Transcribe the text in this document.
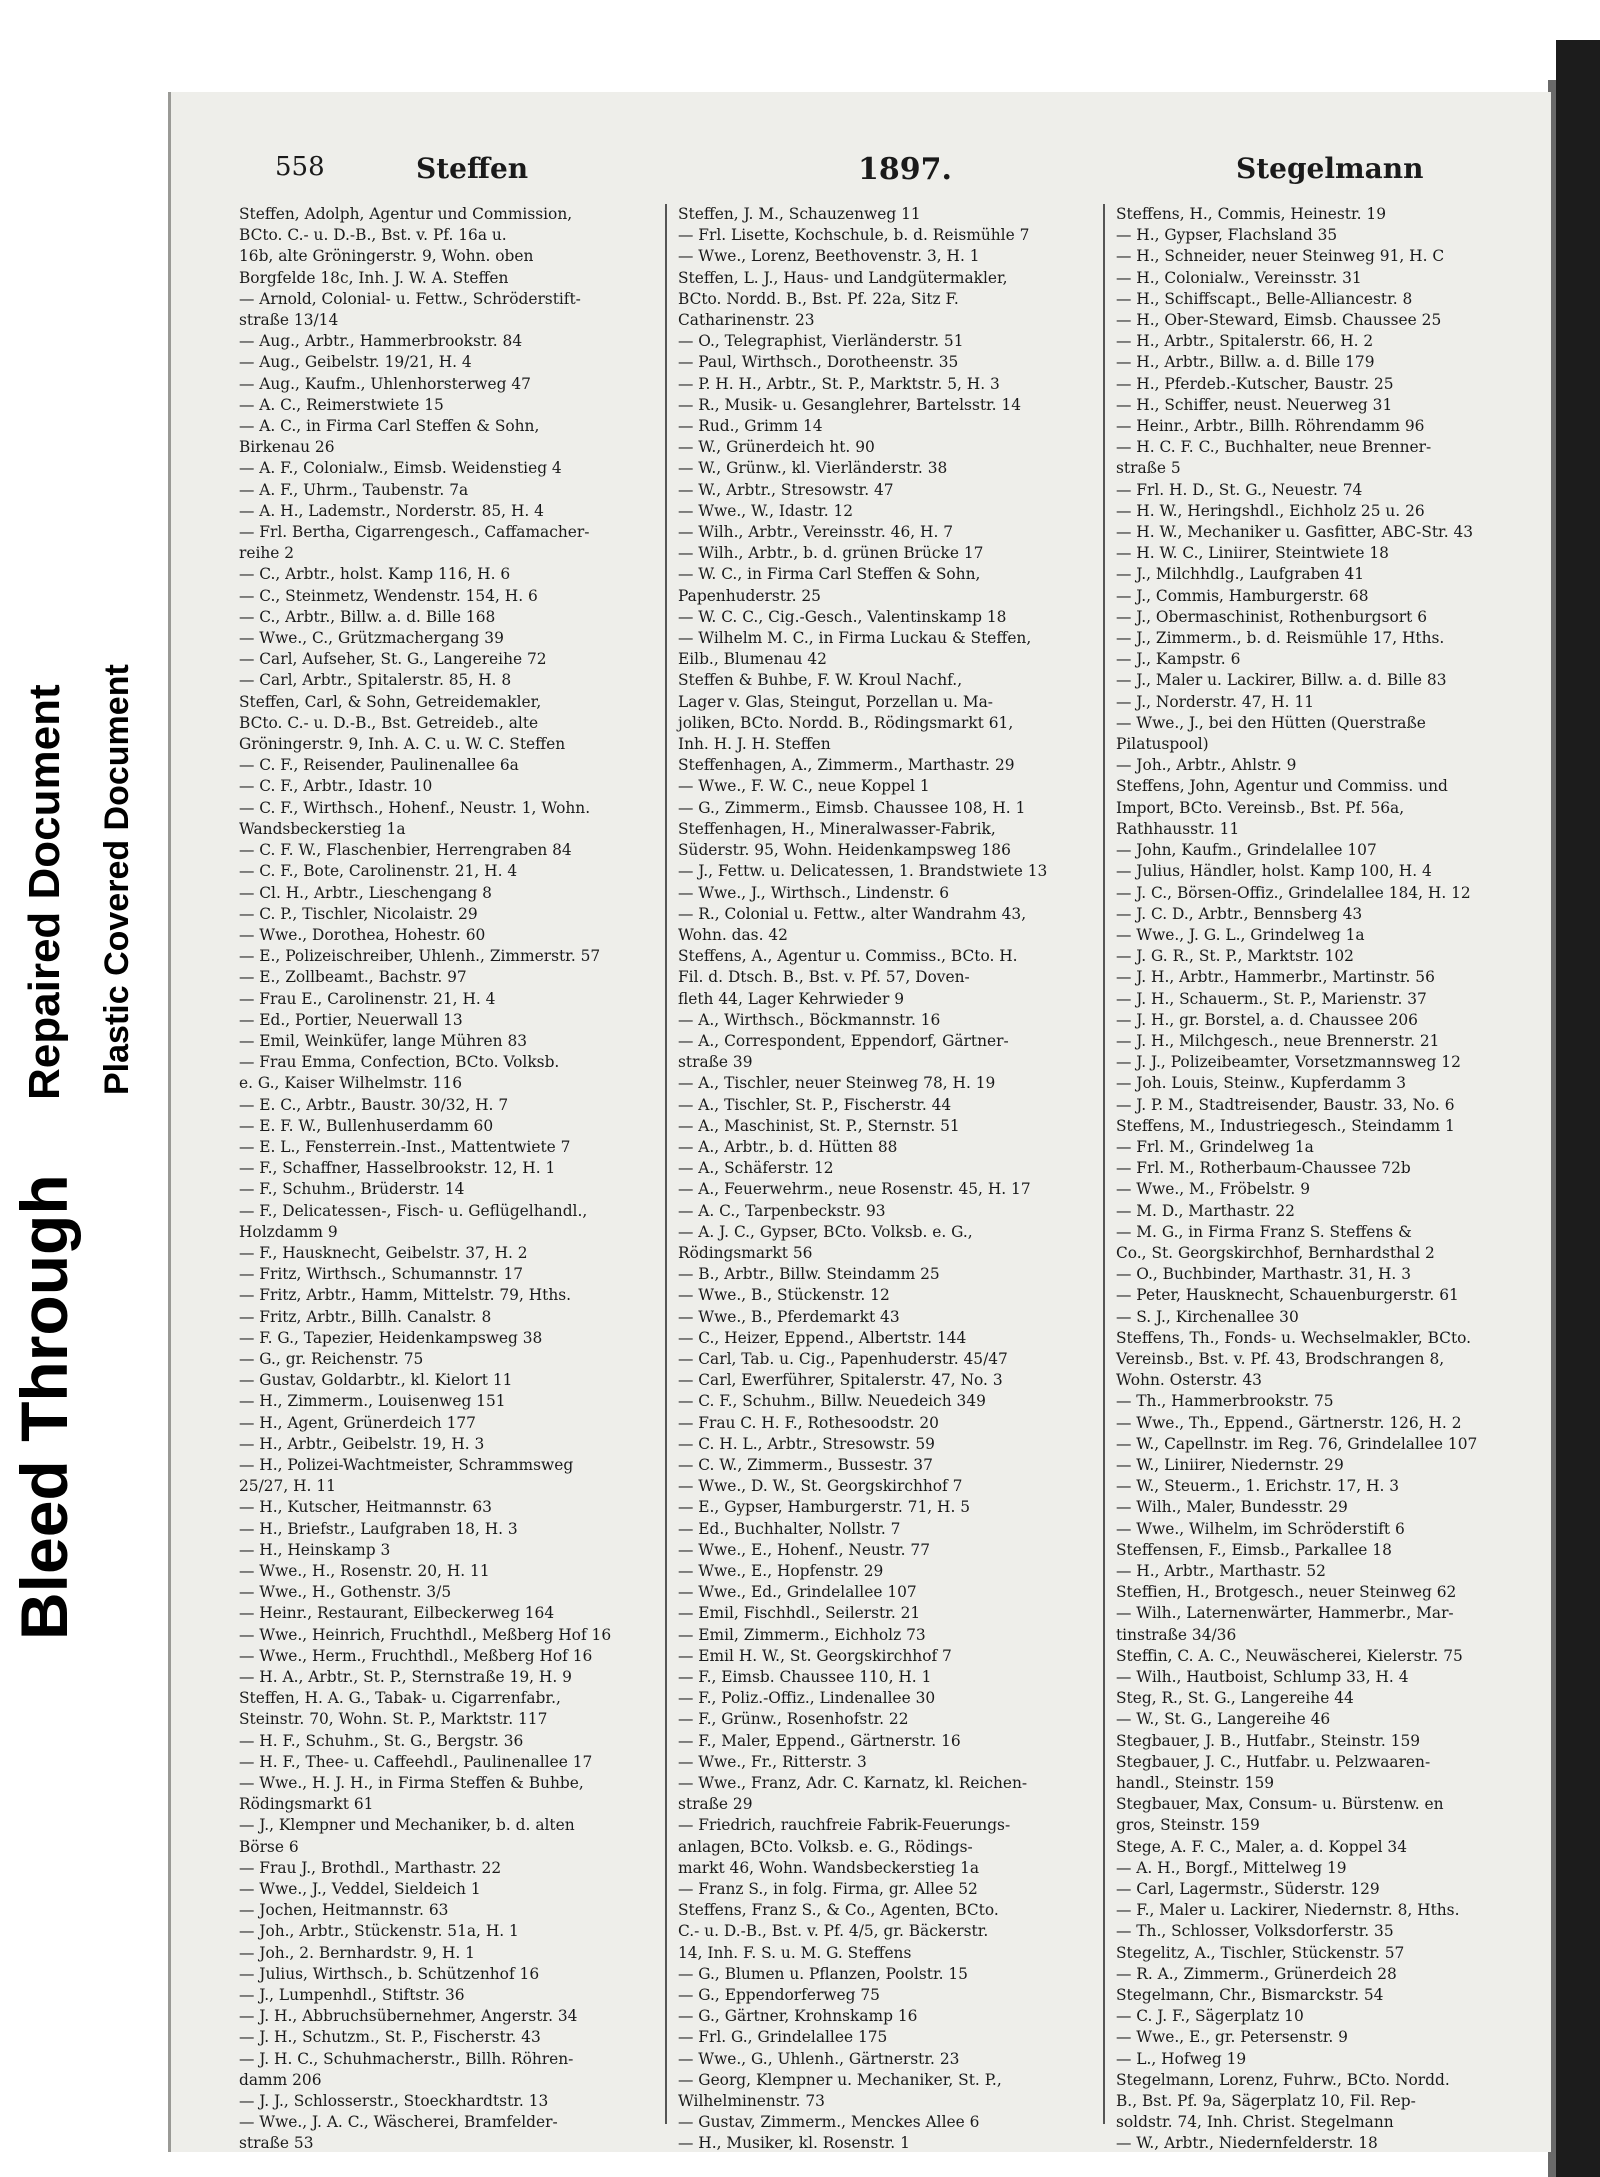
Bleed Through
Repaired Document Plastic Covered Document
558	Steffen	1897.	Stegelmann

Steffen, Adolph, Agentur und Commission,

BCto. C.- u. D.-B., Bst. v. Pf. 16a u.

16b, alte Gröningerstr. 9, Wohn. oben

Borgfelde 18c, Inh. J. W. A. Steffen

— Arnold, Colonial- u. Fettw., Schröderstift-

straße 13/14

— Aug., Arbtr., Hammerbrookstr. 84

— Aug., Geibelstr. 19/21, H. 4

— Aug., Kaufm., Uhlenhorsterweg 47

— A. C., Reimerstwiete 15

— A. C., in Firma Carl Steffen & Sohn,

Birkenau 26

— A. F., Colonialw., Eimsb. Weidenstieg 4

— A. F., Uhrm., Taubenstr. 7a

— A. H., Lademstr., Norderstr. 85, H. 4

— Frl. Bertha, Cigarrengesch., Caffamacher-

reihe 2

— C., Arbtr., holst. Kamp 116, H. 6

— C., Steinmetz, Wendenstr. 154, H. 6

— C., Arbtr., Billw. a. d. Bille 168

— Wwe., C., Grützmachergang 39

— Carl, Aufseher, St. G., Langereihe 72

— Carl, Arbtr., Spitalerstr. 85, H. 8

Steffen, Carl, & Sohn, Getreidemakler,

BCto. C.- u. D.-B., Bst. Getreideb., alte

Gröningerstr. 9, Inh. A. C. u. W. C. Steffen

— C. F., Reisender, Paulinenallee 6a

— C. F., Arbtr., Idastr. 10

— C. F., Wirthsch., Hohenf., Neustr. 1, Wohn.

Wandsbeckerstieg 1a

— C. F. W., Flaschenbier, Herrengraben 84

— C. F., Bote, Carolinenstr. 21, H. 4

— Cl. H., Arbtr., Lieschengang 8

— C. P., Tischler, Nicolaistr. 29

— Wwe., Dorothea, Hohestr. 60

— E., Polizeischreiber, Uhlenh., Zimmerstr. 57

— E., Zollbeamt., Bachstr. 97

— Frau E., Carolinenstr. 21, H. 4

— Ed., Portier, Neuerwall 13

— Emil, Weinküfer, lange Mühren 83

— Frau Emma, Confection, BCto. Volksb.

e. G., Kaiser Wilhelmstr. 116

— E. C., Arbtr., Baustr. 30/32, H. 7

— E. F. W., Bullenhuserdamm 60

— E. L., Fensterrein.-Inst., Mattentwiete 7

— F., Schaffner, Hasselbrookstr. 12, H. 1

— F., Schuhm., Brüderstr. 14

— F., Delicatessen-, Fisch- u. Geflügelhandl.,

Holzdamm 9

— F., Hausknecht, Geibelstr. 37, H. 2

— Fritz, Wirthsch., Schumannstr. 17

— Fritz, Arbtr., Hamm, Mittelstr. 79, Hths.

— Fritz, Arbtr., Billh. Canalstr. 8

— F. G., Tapezier, Heidenkampsweg 38

— G., gr. Reichenstr. 75

— Gustav, Goldarbtr., kl. Kielort 11

— H., Zimmerm., Louisenweg 151

— H., Agent, Grünerdeich 177

— H., Arbtr., Geibelstr. 19, H. 3

— H., Polizei-Wachtmeister, Schrammsweg

25/27, H. 11

— H., Kutscher, Heitmannstr. 63

— H., Briefstr., Laufgraben 18, H. 3

— H., Heinskamp 3

— Wwe., H., Rosenstr. 20, H. 11

— Wwe., H., Gothenstr. 3/5

— Heinr., Restaurant, Eilbeckerweg 164

— Wwe., Heinrich, Fruchthdl., Meßberg Hof 16

— Wwe., Herm., Fruchthdl., Meßberg Hof 16

— H. A., Arbtr., St. P., Sternstraße 19, H. 9

Steffen, H. A. G., Tabak- u. Cigarrenfabr.,

Steinstr. 70, Wohn. St. P., Marktstr. 117

— H. F., Schuhm., St. G., Bergstr. 36

— H. F., Thee- u. Caffeehdl., Paulinenallee 17

— Wwe., H. J. H., in Firma Steffen & Buhbe,

Rödingsmarkt 61

— J., Klempner und Mechaniker, b. d. alten

Börse 6

— Frau J., Brothdl., Marthastr. 22

— Wwe., J., Veddel, Sieldeich 1

— Jochen, Heitmannstr. 63

— Joh., Arbtr., Stückenstr. 51a, H. 1

— Joh., 2. Bernhardstr. 9, H. 1

— Julius, Wirthsch., b. Schützenhof 16

— J., Lumpenhdl., Stiftstr. 36

— J. H., Abbruchsübernehmer, Angerstr. 34

— J. H., Schutzm., St. P., Fischerstr. 43

— J. H. C., Schuhmacherstr., Billh. Röhren-

damm 206

— J. J., Schlosserstr., Stoeckhardtstr. 13

— Wwe., J. A. C., Wäscherei, Bramfelder-

straße 53

Steffen, J. M., Schauzenweg 11

— Frl. Lisette, Kochschule, b. d. Reismühle 7

— Wwe., Lorenz, Beethovenstr. 3, H. 1

Steffen, L. J., Haus- und Landgütermakler,

BCto. Nordd. B., Bst. Pf. 22a, Sitz F.

Catharinenstr. 23

— O., Telegraphist, Vierländerstr. 51

— Paul, Wirthsch., Dorotheenstr. 35

— P. H. H., Arbtr., St. P., Marktstr. 5, H. 3

— R., Musik- u. Gesanglehrer, Bartelsstr. 14

— Rud., Grimm 14

— W., Grünerdeich ht. 90

— W., Grünw., kl. Vierländerstr. 38

— W., Arbtr., Stresowstr. 47

— Wwe., W., Idastr. 12

— Wilh., Arbtr., Vereinsstr. 46, H. 7

— Wilh., Arbtr., b. d. grünen Brücke 17

— W. C., in Firma Carl Steffen & Sohn,

Papenhuderstr. 25

— W. C. C., Cig.-Gesch., Valentinskamp 18

— Wilhelm M. C., in Firma Luckau & Steffen,

Eilb., Blumenau 42

Steffen & Buhbe, F. W. Kroul Nachf.,

Lager v. Glas, Steingut, Porzellan u. Ma-

joliken, BCto. Nordd. B., Rödingsmarkt 61,

Inh. H. J. H. Steffen

Steffenhagen, A., Zimmerm., Marthastr. 29

— Wwe., F. W. C., neue Koppel 1

— G., Zimmerm., Eimsb. Chaussee 108, H. 1

Steffenhagen, H., Mineralwasser-Fabrik,

Süderstr. 95, Wohn. Heidenkampsweg 186

— J., Fettw. u. Delicatessen, 1. Brandstwiete 13

— Wwe., J., Wirthsch., Lindenstr. 6

— R., Colonial u. Fettw., alter Wandrahm 43,

Wohn. das. 42

Steffens, A., Agentur u. Commiss., BCto. H.

Fil. d. Dtsch. B., Bst. v. Pf. 57, Doven-

fleth 44, Lager Kehrwieder 9

— A., Wirthsch., Böckmannstr. 16

— A., Correspondent, Eppendorf, Gärtner-

straße 39

— A., Tischler, neuer Steinweg 78, H. 19

— A., Tischler, St. P., Fischerstr. 44

— A., Maschinist, St. P., Sternstr. 51

— A., Arbtr., b. d. Hütten 88

— A., Schäferstr. 12

— A., Feuerwehrm., neue Rosenstr. 45, H. 17

— A. C., Tarpenbeckstr. 93

— A. J. C., Gypser, BCto. Volksb. e. G.,

Rödingsmarkt 56

— B., Arbtr., Billw. Steindamm 25

— Wwe., B., Stückenstr. 12

— Wwe., B., Pferdemarkt 43

— C., Heizer, Eppend., Albertstr. 144

— Carl, Tab. u. Cig., Papenhuderstr. 45/47

— Carl, Ewerführer, Spitalerstr. 47, No. 3

— C. F., Schuhm., Billw. Neuedeich 349

— Frau C. H. F., Rothesoodstr. 20

— C. H. L., Arbtr., Stresowstr. 59

— C. W., Zimmerm., Bussestr. 37

— Wwe., D. W., St. Georgskirchhof 7

— E., Gypser, Hamburgerstr. 71, H. 5

— Ed., Buchhalter, Nollstr. 7

— Wwe., E., Hohenf., Neustr. 77

— Wwe., E., Hopfenstr. 29

— Wwe., Ed., Grindelallee 107

— Emil, Fischhdl., Seilerstr. 21

— Emil, Zimmerm., Eichholz 73

— Emil H. W., St. Georgskirchhof 7

— F., Eimsb. Chaussee 110, H. 1

— F., Poliz.-Offiz., Lindenallee 30

— F., Grünw., Rosenhofstr. 22

— F., Maler, Eppend., Gärtnerstr. 16

— Wwe., Fr., Ritterstr. 3

— Wwe., Franz, Adr. C. Karnatz, kl. Reichen-

straße 29

— Friedrich, rauchfreie Fabrik-Feuerungs-

anlagen, BCto. Volksb. e. G., Rödings-

markt 46, Wohn. Wandsbeckerstieg 1a

— Franz S., in folg. Firma, gr. Allee 52

Steffens, Franz S., & Co., Agenten, BCto.

C.- u. D.-B., Bst. v. Pf. 4/5, gr. Bäckerstr.

14, Inh. F. S. u. M. G. Steffens

— G., Blumen u. Pflanzen, Poolstr. 15

— G., Eppendorferweg 75

— G., Gärtner, Krohnskamp 16

— Frl. G., Grindelallee 175

— Wwe., G., Uhlenh., Gärtnerstr. 23

— Georg, Klempner u. Mechaniker, St. P.,

Wilhelminenstr. 73

— Gustav, Zimmerm., Menckes Allee 6

— H., Musiker, kl. Rosenstr. 1

Steffens, H., Commis, Heinestr. 19

— H., Gypser, Flachsland 35

— H., Schneider, neuer Steinweg 91, H. C

— H., Colonialw., Vereinsstr. 31

— H., Schiffscapt., Belle-Alliancestr. 8

— H., Ober-Steward, Eimsb. Chaussee 25

— H., Arbtr., Spitalerstr. 66, H. 2

— H., Arbtr., Billw. a. d. Bille 179

— H., Pferdeb.-Kutscher, Baustr. 25

— H., Schiffer, neust. Neuerweg 31

— Heinr., Arbtr., Billh. Röhrendamm 96

— H. C. F. C., Buchhalter, neue Brenner-

straße 5

— Frl. H. D., St. G., Neuestr. 74

— H. W., Heringshdl., Eichholz 25 u. 26

— H. W., Mechaniker u. Gasfitter, ABC-Str. 43

— H. W. C., Liniirer, Steintwiete 18

— J., Milchhdlg., Laufgraben 41

— J., Commis, Hamburgerstr. 68

— J., Obermaschinist, Rothenburgsort 6

— J., Zimmerm., b. d. Reismühle 17, Hths.

— J., Kampstr. 6

— J., Maler u. Lackirer, Billw. a. d. Bille 83

— J., Norderstr. 47, H. 11

— Wwe., J., bei den Hütten (Querstraße

Pilatuspool)

— Joh., Arbtr., Ahlstr. 9

Steffens, John, Agentur und Commiss. und

Import, BCto. Vereinsb., Bst. Pf. 56a,

Rathhausstr. 11

— John, Kaufm., Grindelallee 107

— Julius, Händler, holst. Kamp 100, H. 4

— J. C., Börsen-Offiz., Grindelallee 184, H. 12

— J. C. D., Arbtr., Bennsberg 43

— Wwe., J. G. L., Grindelweg 1a

— J. G. R., St. P., Marktstr. 102

— J. H., Arbtr., Hammerbr., Martinstr. 56

— J. H., Schauerm., St. P., Marienstr. 37

— J. H., gr. Borstel, a. d. Chaussee 206

— J. H., Milchgesch., neue Brennerstr. 21

— J. J., Polizeibeamter, Vorsetzmannsweg 12

— Joh. Louis, Steinw., Kupferdamm 3

— J. P. M., Stadtreisender, Baustr. 33, No. 6

Steffens, M., Industriegesch., Steindamm 1

— Frl. M., Grindelweg 1a

— Frl. M., Rotherbaum-Chaussee 72b

— Wwe., M., Fröbelstr. 9

— M. D., Marthastr. 22

— M. G., in Firma Franz S. Steffens &

Co., St. Georgskirchhof, Bernhardsthal 2

— O., Buchbinder, Marthastr. 31, H. 3

— Peter, Hausknecht, Schauenburgerstr. 61

— S. J., Kirchenallee 30

Steffens, Th., Fonds- u. Wechselmakler, BCto.

Vereinsb., Bst. v. Pf. 43, Brodschrangen 8,

Wohn. Osterstr. 43

— Th., Hammerbrookstr. 75

— Wwe., Th., Eppend., Gärtnerstr. 126, H. 2

— W., Capellnstr. im Reg. 76, Grindelallee 107

— W., Liniirer, Niedernstr. 29

— W., Steuerm., 1. Erichstr. 17, H. 3

— Wilh., Maler, Bundesstr. 29

— Wwe., Wilhelm, im Schröderstift 6

Steffensen, F., Eimsb., Parkallee 18

— H., Arbtr., Marthastr. 52

Steffien, H., Brotgesch., neuer Steinweg 62

— Wilh., Laternenwärter, Hammerbr., Mar-

tinstraße 34/36

Steffin, C. A. C., Neuwäscherei, Kielerstr. 75

— Wilh., Hautboist, Schlump 33, H. 4

Steg, R., St. G., Langereihe 44

— W., St. G., Langereihe 46

Stegbauer, J. B., Hutfabr., Steinstr. 159

Stegbauer, J. C., Hutfabr. u. Pelzwaaren-

handl., Steinstr. 159

Stegbauer, Max, Consum- u. Bürstenw. en

gros, Steinstr. 159

Stege, A. F. C., Maler, a. d. Koppel 34

— A. H., Borgf., Mittelweg 19

— Carl, Lagermstr., Süderstr. 129

— F., Maler u. Lackirer, Niedernstr. 8, Hths.

— Th., Schlosser, Volksdorferstr. 35

Stegelitz, A., Tischler, Stückenstr. 57

— R. A., Zimmerm., Grünerdeich 28

Stegelmann, Chr., Bismarckstr. 54

— C. J. F., Sägerplatz 10

— Wwe., E., gr. Petersenstr. 9

— L., Hofweg 19

Stegelmann, Lorenz, Fuhrw., BCto. Nordd.

B., Bst. Pf. 9a, Sägerplatz 10, Fil. Rep-

soldstr. 74, Inh. Christ. Stegelmann

— W., Arbtr., Niedernfelderstr. 18
